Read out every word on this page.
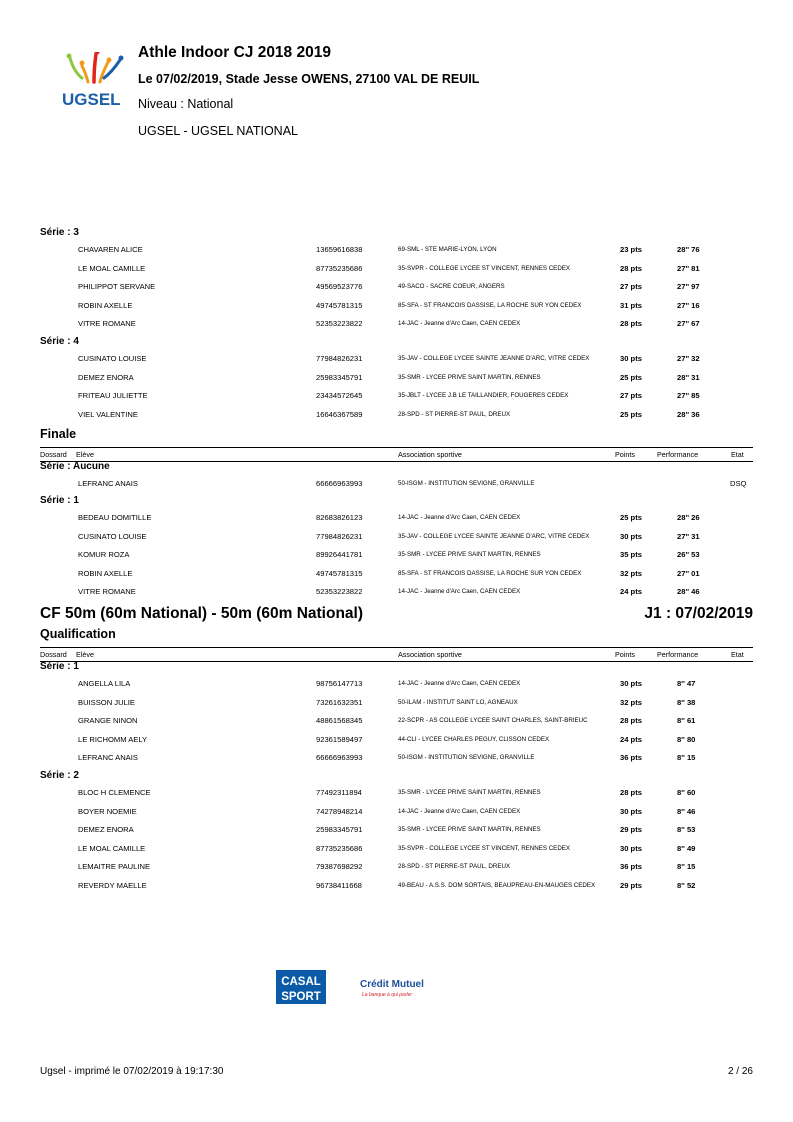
UGSEL
Athle Indoor CJ 2018 2019
Le 07/02/2019, Stade Jesse OWENS, 27100 VAL DE REUIL
Niveau : National
UGSEL - UGSEL NATIONAL
Série : 3
CHAVAREN ALICE	13659616838	69-SML - STE MARIE-LYON, LYON	23 pts	28'' 76
LE MOAL CAMILLE	87735235686	35-SVPR - COLLEGE LYCEE ST VINCENT, RENNES CEDEX	28 pts	27'' 81
PHILIPPOT SERVANE	49569523776	49-SACO - SACRE COEUR, ANGERS	27 pts	27'' 97
ROBIN AXELLE	49745781315	85-SFA - ST FRANCOIS DASSISE, LA ROCHE SUR YON CEDEX	31 pts	27'' 16
VITRE ROMANE	52353223822	14-JAC - Jeanne d'Arc Caen, CAEN CEDEX	28 pts	27'' 67
Série : 4
CUSINATO LOUISE	77984826231	35-JAV - COLLEGE LYCEE SAINTE JEANNE D'ARC, VITRE CEDEX	30 pts	27'' 32
DEMEZ ENORA	25983345791	35-SMR - LYCEE PRIVE SAINT MARTIN, RENNES	25 pts	28'' 31
FRITEAU JULIETTE	23434572645	35-JBLT - LYCEE J.B LE TAILLANDIER, FOUGERES CEDEX	27 pts	27'' 85
VIEL VALENTINE	16646367589	28-SPD - ST PIERRE-ST PAUL, DREUX	25 pts	28'' 36
Finale
Dossard Elève	Association sportive	Points	Performance	Etat
Série : Aucune
LEFRANC ANAIS	66666963993	50-ISGM - INSTITUTION SEVIGNE, GRANVILLE	DSQ
Série : 1
BEDEAU DOMITILLE	82683826123	14-JAC - Jeanne d'Arc Caen, CAEN CEDEX	25 pts	28'' 26
CUSINATO LOUISE	77984826231	35-JAV - COLLEGE LYCEE SAINTE JEANNE D'ARC, VITRE CEDEX	30 pts	27'' 31
KOMUR ROZA	89926441781	35-SMR - LYCEE PRIVE SAINT MARTIN, RENNES	35 pts	26'' 53
ROBIN AXELLE	49745781315	85-SFA - ST FRANCOIS DASSISE, LA ROCHE SUR YON CEDEX	32 pts	27'' 01
VITRE ROMANE	52353223822	14-JAC - Jeanne d'Arc Caen, CAEN CEDEX	24 pts	28'' 46
CF 50m (60m National) - 50m (60m National)	J1 : 07/02/2019
Qualification
Dossard Elève	Association sportive	Points	Performance	Etat
Série : 1
ANGELLA LILA	98756147713	14-JAC - Jeanne d'Arc Caen, CAEN CEDEX	30 pts	8'' 47
BUISSON JULIE	73261632351	50-ILAM - INSTITUT SAINT LO, AGNEAUX	32 pts	8'' 38
GRANGE NINON	48861568345	22-SCPR - AS COLLEGE LYCEE SAINT CHARLES, SAINT-BRIEUC	28 pts	8'' 61
LE RICHOMM AELY	92361589497	44-CLI - LYCEE CHARLES PEGUY, CLISSON CEDEX	24 pts	8'' 80
LEFRANC ANAIS	66666963993	50-ISGM - INSTITUTION SEVIGNE, GRANVILLE	36 pts	8'' 15
Série : 2
BLOC H CLEMENCE	77492311894	35-SMR - LYCEE PRIVE SAINT MARTIN, RENNES	28 pts	8'' 60
BOYER NOEMIE	74278948214	14-JAC - Jeanne d'Arc Caen, CAEN CEDEX	30 pts	8'' 46
DEMEZ ENORA	25983345791	35-SMR - LYCEE PRIVE SAINT MARTIN, RENNES	29 pts	8'' 53
LE MOAL CAMILLE	87735235686	35-SVPR - COLLEGE LYCEE ST VINCENT, RENNES CEDEX	30 pts	8'' 49
LEMAITRE PAULINE	79387698292	28-SPD - ST PIERRE-ST PAUL, DREUX	36 pts	8'' 15
REVERDY MAELLE	96738411668	49-BEAU - A.S.S. DOM SORTAIS, BEAUPREAU-EN-MAUGES CEDEX	29 pts	8'' 52
CASAL
SPORT
Crédit Mutuel
La banque à qui parler
Ugsel - imprimé le 07/02/2019 à 19:17:30	2 / 26
